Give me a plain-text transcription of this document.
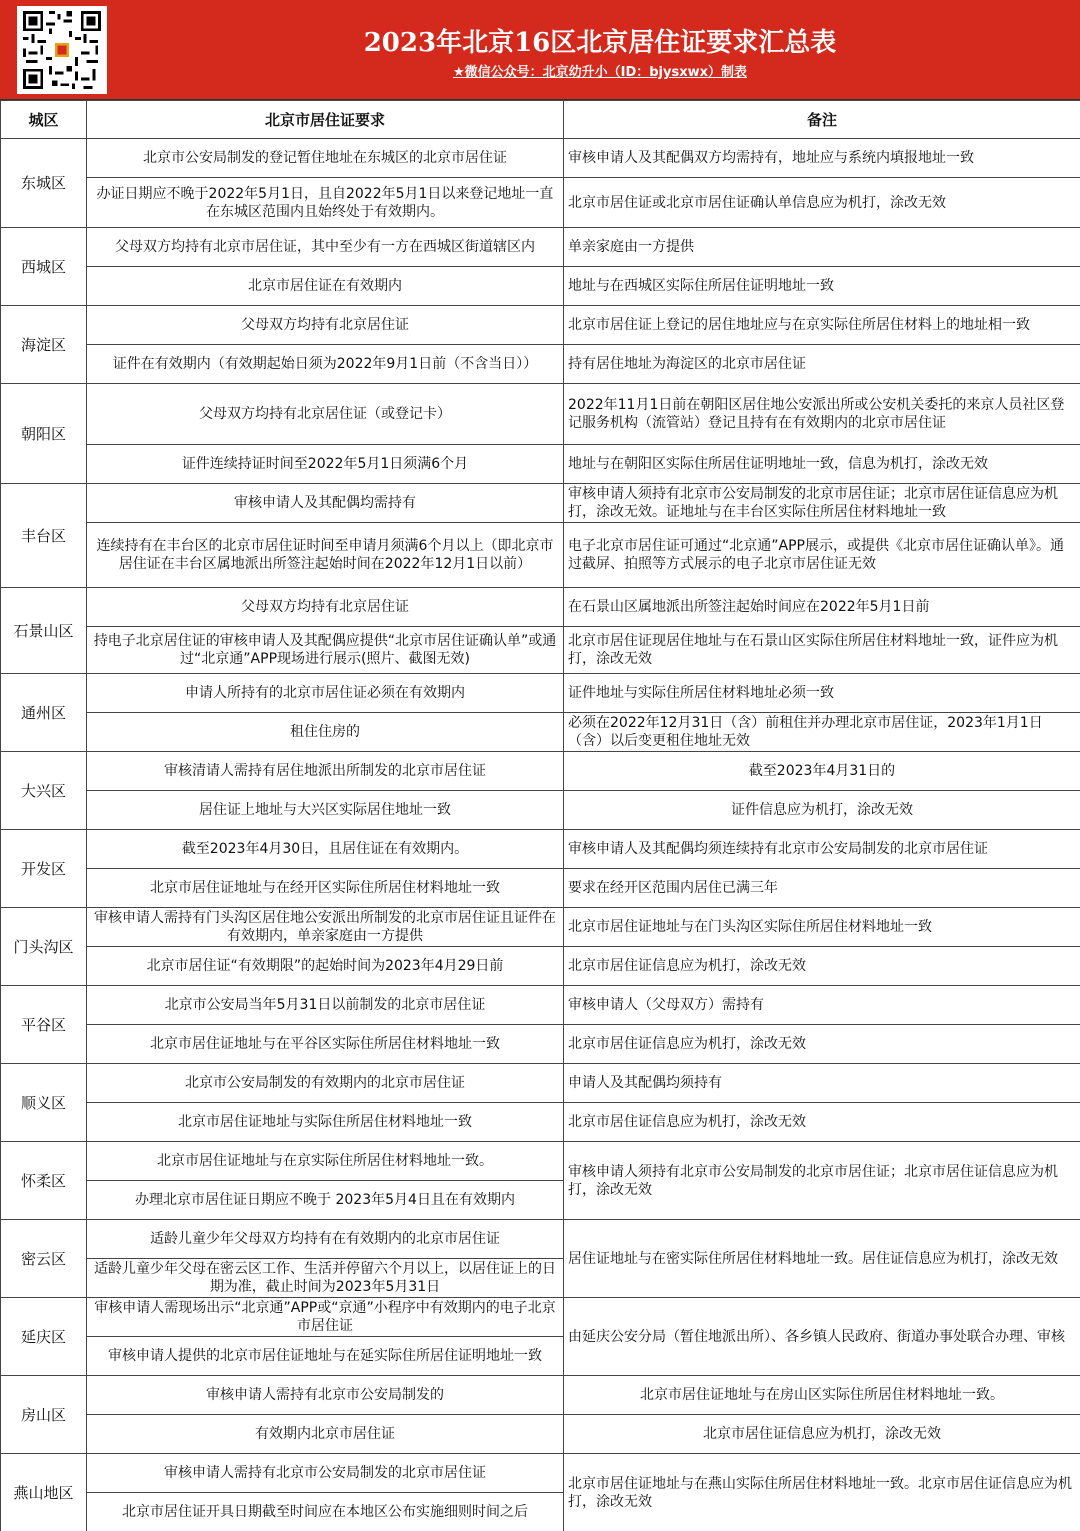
2023年北京16区北京居住证要求汇总表
★微信公众号：北京幼升小（ID：bjysxwx）制表
城区	北京市居住证要求	备注
东城区	北京市公安局制发的登记暂住地址在东城区的北京市居住证	审核申请人及其配偶双方均需持有，地址应与系统内填报地址一致
	办证日期应不晚于2022年5月1日，且自2022年5月1日以来登记地址一直在东城区范围内且始终处于有效期内。	北京市居住证或北京市居住证确认单信息应为机打，涂改无效
西城区	父母双方均持有北京市居住证，其中至少有一方在西城区街道辖区内	单亲家庭由一方提供
	北京市居住证在有效期内	地址与在西城区实际住所居住证明地址一致
海淀区	父母双方均持有北京居住证	北京市居住证上登记的居住地址应与在京实际住所居住材料上的地址相一致
	证件在有效期内（有效期起始日须为2022年9月1日前（不含当日））	持有居住地址为海淀区的北京市居住证
朝阳区	父母双方均持有北京居住证（或登记卡）	2022年11月1日前在朝阳区居住地公安派出所或公安机关委托的来京人员社区登记服务机构（流管站）登记且持有在有效期内的北京市居住证
	证件连续持证时间至2022年5月1日须满6个月	地址与在朝阳区实际住所居住证明地址一致，信息为机打，涂改无效
丰台区	审核申请人及其配偶均需持有	审核申请人须持有北京市公安局制发的北京市居住证；北京市居住证信息应为机打，涂改无效。证地址与在丰台区实际住所居住材料地址一致
	连续持有在丰台区的北京市居住证时间至申请月须满6个月以上（即北京市居住证在丰台区属地派出所签注起始时间在2022年12月1日以前）	电子北京市居住证可通过“北京通”APP展示，或提供《北京市居住证确认单》。通过截屏、拍照等方式展示的电子北京市居住证无效
石景山区	父母双方均持有北京居住证	在石景山区属地派出所签注起始时间应在2022年5月1日前
	持电子北京居住证的审核申请人及其配偶应提供“北京市居住证确认单”或通过“北京通”APP现场进行展示(照片、截图无效)	北京市居住证现居住地址与在石景山区实际住所居住材料地址一致，证件应为机打，涂改无效
通州区	申请人所持有的北京市居住证必须在有效期内	证件地址与实际住所居住材料地址必须一致
	租住住房的	必须在2022年12月31日（含）前租住并办理北京市居住证，2023年1月1日（含）以后变更租住地址无效
大兴区	审核清请人需持有居住地派出所制发的北京市居住证	截至2023年4月31日的
	居住证上地址与大兴区实际居住地址一致	证件信息应为机打，涂改无效
开发区	截至2023年4月30日，且居住证在有效期内。	审核申请人及其配偶均须连续持有北京市公安局制发的北京市居住证
	北京市居住证地址与在经开区实际住所居住材料地址一致	要求在经开区范围内居住已满三年
门头沟区	审核申请人需持有门头沟区居住地公安派出所制发的北京市居住证且证件在有效期内，单亲家庭由一方提供	北京市居住证地址与在门头沟区实际住所居住材料地址一致
	北京市居住证“有效期限”的起始时间为2023年4月29日前	北京市居住证信息应为机打，涂改无效
平谷区	北京市公安局当年5月31日以前制发的北京市居住证	审核申请人（父母双方）需持有
	北京市居住证地址与在平谷区实际住所居住材料地址一致	北京市居住证信息应为机打，涂改无效
顺义区	北京市公安局制发的有效期内的北京市居住证	申请人及其配偶均须持有
	北京市居住证地址与实际住所居住材料地址一致	北京市居住证信息应为机打，涂改无效
怀柔区	北京市居住证地址与在京实际住所居住材料地址一致。	审核申请人须持有北京市公安局制发的北京市居住证；北京市居住证信息应为机打，涂改无效
	办理北京市居住证日期应不晚于 2023年5月4日且在有效期内	
密云区	适龄儿童少年父母双方均持有在有效期内的北京市居住证	居住证地址与在密实际住所居住材料地址一致。居住证信息应为机打，涂改无效
	适龄儿童少年父母在密云区工作、生活并停留六个月以上，以居住证上的日期为准，截止时间为2023年5月31日	
延庆区	审核申请人需现场出示“北京通”APP或“京通”小程序中有效期内的电子北京市居住证	由延庆公安分局（暂住地派出所）、各乡镇人民政府、街道办事处联合办理、审核
	审核申请人提供的北京市居住证地址与在延实际住所居住证明地址一致	
房山区	审核申请人需持有北京市公安局制发的	北京市居住证地址与在房山区实际住所居住材料地址一致。
	有效期内北京市居住证	北京市居住证信息应为机打，涂改无效
燕山地区	审核申请人需持有北京市公安局制发的北京市居住证	北京市居住证地址与在燕山实际住所居住材料地址一致。北京市居住证信息应为机打，涂改无效
	北京市居住证开具日期截至时间应在本地区公布实施细则时间之后	
